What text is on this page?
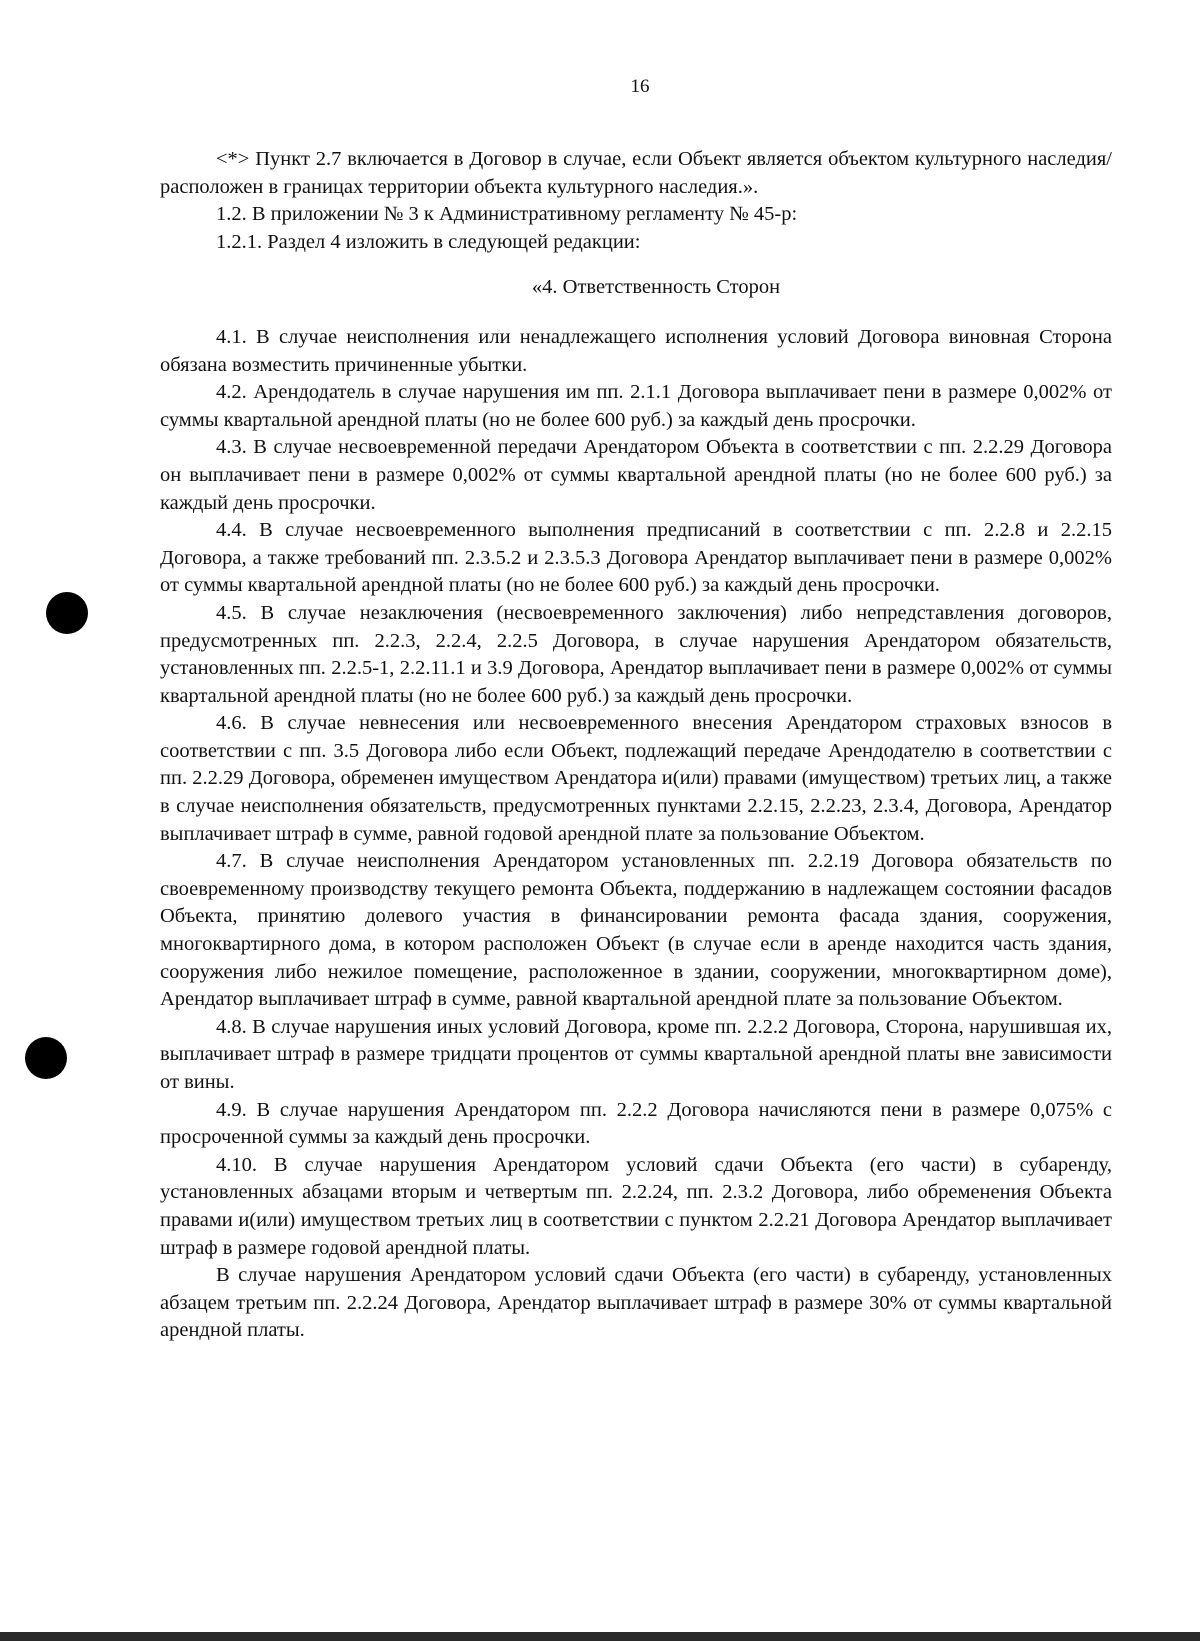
16

<*> Пункт 2.7 включается в Договор в случае, если Объект является объектом культурного наследия/расположен в границах территории объекта культурного наследия.».

1.2. В приложении № 3 к Административному регламенту № 45-р:

1.2.1. Раздел 4 изложить в следующей редакции:

«4. Ответственность Сторон

4.1. В случае неисполнения или ненадлежащего исполнения условий Договора виновная Сторона обязана возместить причиненные убытки.

4.2. Арендодатель в случае нарушения им пп. 2.1.1 Договора выплачивает пени в размере 0,002% от суммы квартальной арендной платы (но не более 600 руб.) за каждый день просрочки.

4.3. В случае несвоевременной передачи Арендатором Объекта в соответствии с пп. 2.2.29 Договора он выплачивает пени в размере 0,002% от суммы квартальной арендной платы (но не более 600 руб.) за каждый день просрочки.

4.4. В случае несвоевременного выполнения предписаний в соответствии с пп. 2.2.8 и 2.2.15 Договора, а также требований пп. 2.3.5.2 и 2.3.5.3 Договора Арендатор выплачивает пени в размере 0,002% от суммы квартальной арендной платы (но не более 600 руб.) за каждый день просрочки.

4.5. В случае незаключения (несвоевременного заключения) либо непредставления договоров, предусмотренных пп. 2.2.3, 2.2.4, 2.2.5 Договора, в случае нарушения Арендатором обязательств, установленных пп. 2.2.5-1, 2.2.11.1 и 3.9 Договора, Арендатор выплачивает пени в размере 0,002% от суммы квартальной арендной платы (но не более 600 руб.) за каждый день просрочки.

4.6. В случае невнесения или несвоевременного внесения Арендатором страховых взносов в соответствии с пп. 3.5 Договора либо если Объект, подлежащий передаче Арендодателю в соответствии с пп. 2.2.29 Договора, обременен имуществом Арендатора и(или) правами (имуществом) третьих лиц, а также в случае неисполнения обязательств, предусмотренных пунктами 2.2.15, 2.2.23, 2.3.4, Договора, Арендатор выплачивает штраф в сумме, равной годовой арендной плате за пользование Объектом.

4.7. В случае неисполнения Арендатором установленных пп. 2.2.19 Договора обязательств по своевременному производству текущего ремонта Объекта, поддержанию в надлежащем состоянии фасадов Объекта, принятию долевого участия в финансировании ремонта фасада здания, сооружения, многоквартирного дома, в котором расположен Объект (в случае если в аренде находится часть здания, сооружения либо нежилое помещение, расположенное в здании, сооружении, многоквартирном доме), Арендатор выплачивает штраф в сумме, равной квартальной арендной плате за пользование Объектом.

4.8. В случае нарушения иных условий Договора, кроме пп. 2.2.2 Договора, Сторона, нарушившая их, выплачивает штраф в размере тридцати процентов от суммы квартальной арендной платы вне зависимости от вины.

4.9. В случае нарушения Арендатором пп. 2.2.2 Договора начисляются пени в размере 0,075% с просроченной суммы за каждый день просрочки.

4.10. В случае нарушения Арендатором условий сдачи Объекта (его части) в субаренду, установленных абзацами вторым и четвертым пп. 2.2.24, пп. 2.3.2 Договора, либо обременения Объекта правами и(или) имуществом третьих лиц в соответствии с пунктом 2.2.21 Договора Арендатор выплачивает штраф в размере годовой арендной платы.

В случае нарушения Арендатором условий сдачи Объекта (его части) в субаренду, установленных абзацем третьим пп. 2.2.24 Договора, Арендатор выплачивает штраф в размере 30% от суммы квартальной арендной платы.
